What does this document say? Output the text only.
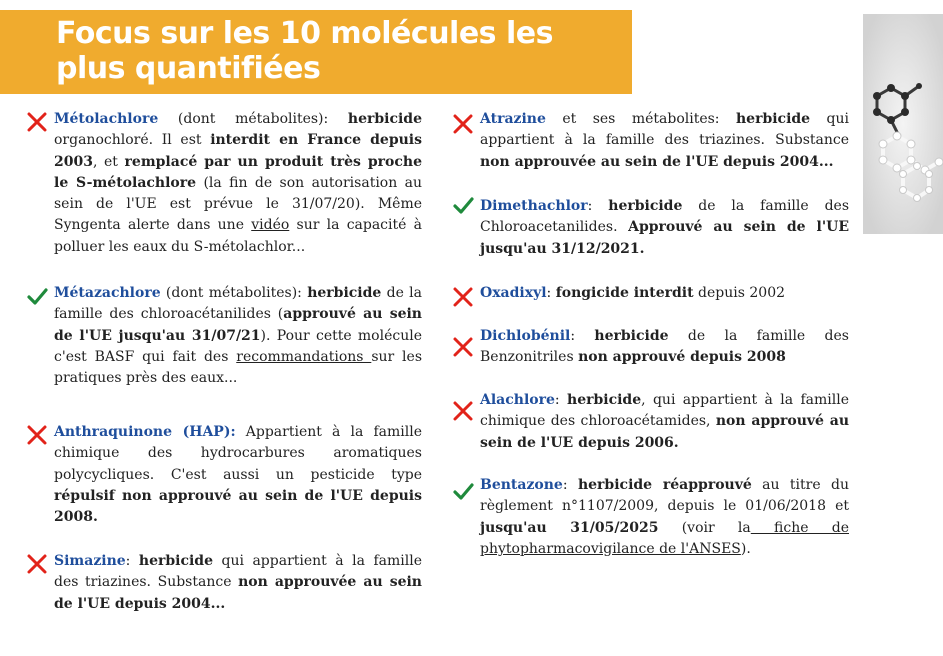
Focus sur les 10 molécules les
plus quantifiées
Métolachlore (dont métabolites): herbicide organochloré. Il est interdit en France depuis 2003, et remplacé par un produit très proche le S-métolachlore (la fin de son autorisation au sein de l'UE est prévue le 31/07/20). Même Syngenta alerte dans une vidéo sur la capacité à polluer les eaux du S-métolachlor...
Métazachlore (dont métabolites): herbicide de la famille des chloroacétanilides (approuvé au sein de l'UE jusqu'au 31/07/21). Pour cette molécule c'est BASF qui fait des recommandations sur les pratiques près des eaux...
Anthraquinone (HAP): Appartient à la famille chimique des hydrocarbures aromatiques polycycliques. C'est aussi un pesticide type répulsif non approuvé au sein de l'UE depuis 2008.
Simazine: herbicide qui appartient à la famille des triazines. Substance non approuvée au sein de l'UE depuis 2004...
Atrazine et ses métabolites: herbicide qui appartient à la famille des triazines. Substance non approuvée au sein de l'UE depuis 2004...
Dimethachlor: herbicide de la famille des Chloroacetanilides. Approuvé au sein de l'UE jusqu'au 31/12/2021.
Oxadixyl: fongicide interdit depuis 2002
Dichlobénil: herbicide de la famille des Benzonitriles non approuvé depuis 2008
Alachlore: herbicide, qui appartient à la famille chimique des chloroacétamides, non approuvé au sein de l'UE depuis 2006.
Bentazone: herbicide réapprouvé au titre du règlement n°1107/2009, depuis le 01/06/2018 et jusqu'au 31/05/2025 (voir la fiche de phytopharmacovigilance de l'ANSES).
